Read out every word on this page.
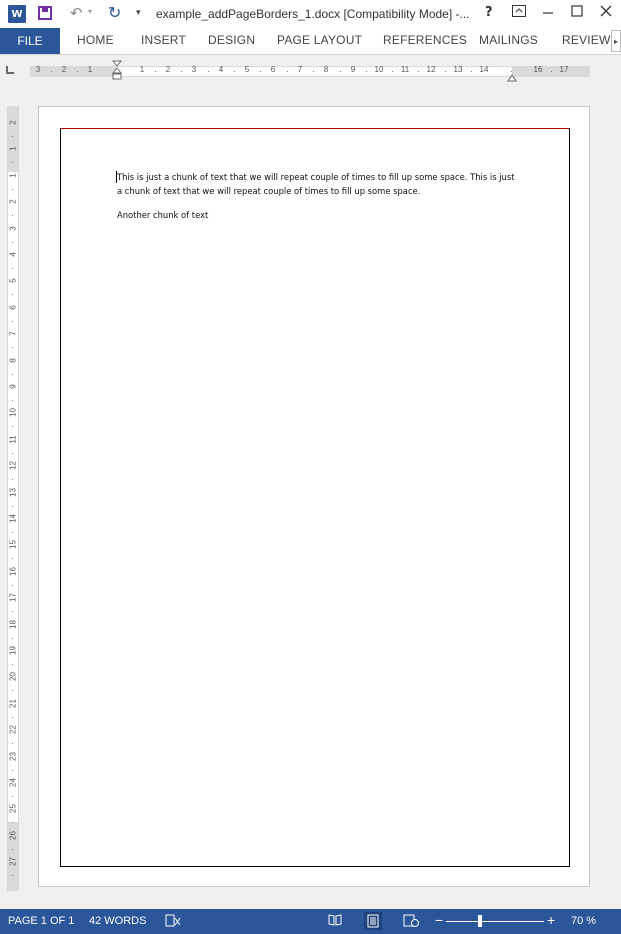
W	↶ ▾ ↻ ▾ example_addPageBorders_1.docx [Compatibility Mode] -... ?
FILE	HOME INSERT DESIGN PAGE LAYOUT REFERENCES MAILINGS REVIEW ▸
3	2	1	1	2	3	4	5	6	7	8	9 10 11 12 13 14	16 17
2
1
1
2
3
4
5
6
7
8
9
10
11
12
13
14
15
16
17
18
19
20
21
22
23
24
25
26
27
This is just a chunk of text that we will repeat couple of times to fill up some space. This is just
a chunk of text that we will repeat couple of times to fill up some space.
Another chunk of text
PAGE 1 OF 1 42 WORDS	−	+ 70 %
